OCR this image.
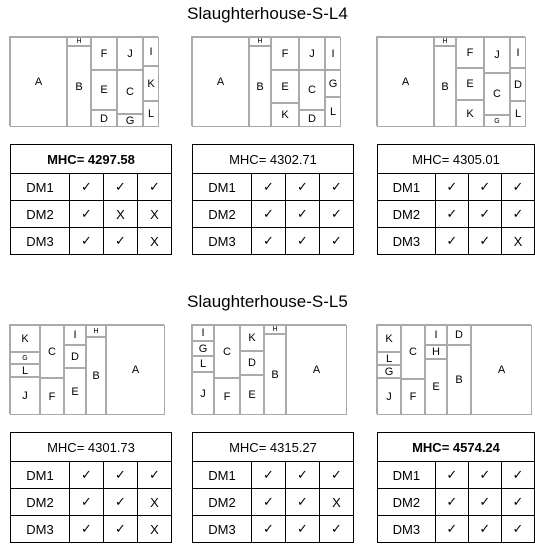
Slaughterhouse-S-L4
A
H
B
F	J	I
E	C
K
D	G
L
A
H
B
F	J	I
E	C
G
K	D
L
A
H
B
F	J	I
E
C
D
K
G
L
MHC= 4297.58			
DM1	✓	✓	✓
DM2	✓	X	X
DM3	✓	✓	X
MHC= 4302.71			
DM1	✓	✓	✓
DM2	✓	✓	✓
DM3	✓	✓	✓
MHC= 4305.01			
DM1	✓	✓	✓
DM2	✓	✓	✓
DM3	✓	✓	X
Slaughterhouse-S-L5
K
C
I	H
A
G
L
J	F
D
E
B
I
G
L
J
C
F
K
D
E
H
B	A
K
L
G
J
C
F
I
H
E
D
B
A
MHC= 4301.73			
DM1	✓	✓	✓
DM2	✓	✓	X
DM3	✓	✓	X
MHC= 4315.27			
DM1	✓	✓	✓
DM2	✓	✓	X
DM3	✓	✓	✓
MHC= 4574.24			
DM1	✓	✓	✓
DM2	✓	✓	✓
DM3	✓	✓	✓
